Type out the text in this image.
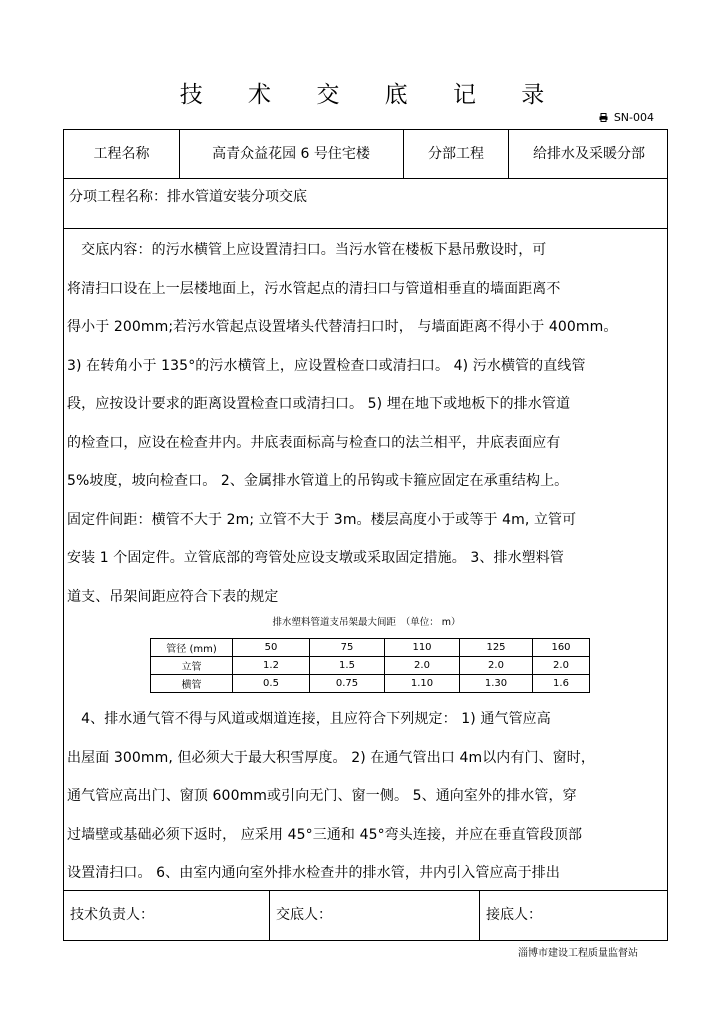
技 术 交 底 记 录
SN-004
工程名称	高青众益花园 6 号住宅楼	分部工程	给排水及采暖分部
分项工程名称：排水管道安装分项交底

　交底内容：的污水横管上应设置清扫口。当污水管在楼板下悬吊敷设时，可

将清扫口设在上一层楼地面上，污水管起点的清扫口与管道相垂直的墙面距离不

得小于 200mm;若污水管起点设置堵头代替清扫口时， 与墙面距离不得小于 400mm。

3) 在转角小于 135°的污水横管上，应设置检查口或清扫口。 4) 污水横管的直线管

段，应按设计要求的距离设置检查口或清扫口。 5) 埋在地下或地板下的排水管道

的检查口，应设在检查井内。井底表面标高与检查口的法兰相平，井底表面应有

5%坡度，坡向检查口。 2、金属排水管道上的吊钩或卡箍应固定在承重结构上。

固定件间距：横管不大于 2m; 立管不大于 3m。楼层高度小于或等于 4m, 立管可

安装 1 个固定件。立管底部的弯管处应设支墩或采取固定措施。 3、排水塑料管

道支、吊架间距应符合下表的规定

排水塑料管道支吊架最大间距　（单位： m）
管径 (mm)	50	75	110	125	160
立管	1.2	1.5	2.0	2.0	2.0
横管	0.5	0.75	1.10	1.30	1.6

　4、排水通气管不得与风道或烟道连接，且应符合下列规定： 1) 通气管应高

出屋面 300mm, 但必须大于最大积雪厚度。 2) 在通气管出口 4m以内有门、窗时，

通气管应高出门、窗顶 600mm或引向无门、窗一侧。 5、通向室外的排水管，穿

过墙壁或基础必须下返时， 应采用 45°三通和 45°弯头连接，并应在垂直管段顶部

设置清扫口。 6、由室内通向室外排水检查井的排水管，井内引入管应高于排出

技术负责人：	交底人：	接底人：
淄博市建设工程质量监督站
